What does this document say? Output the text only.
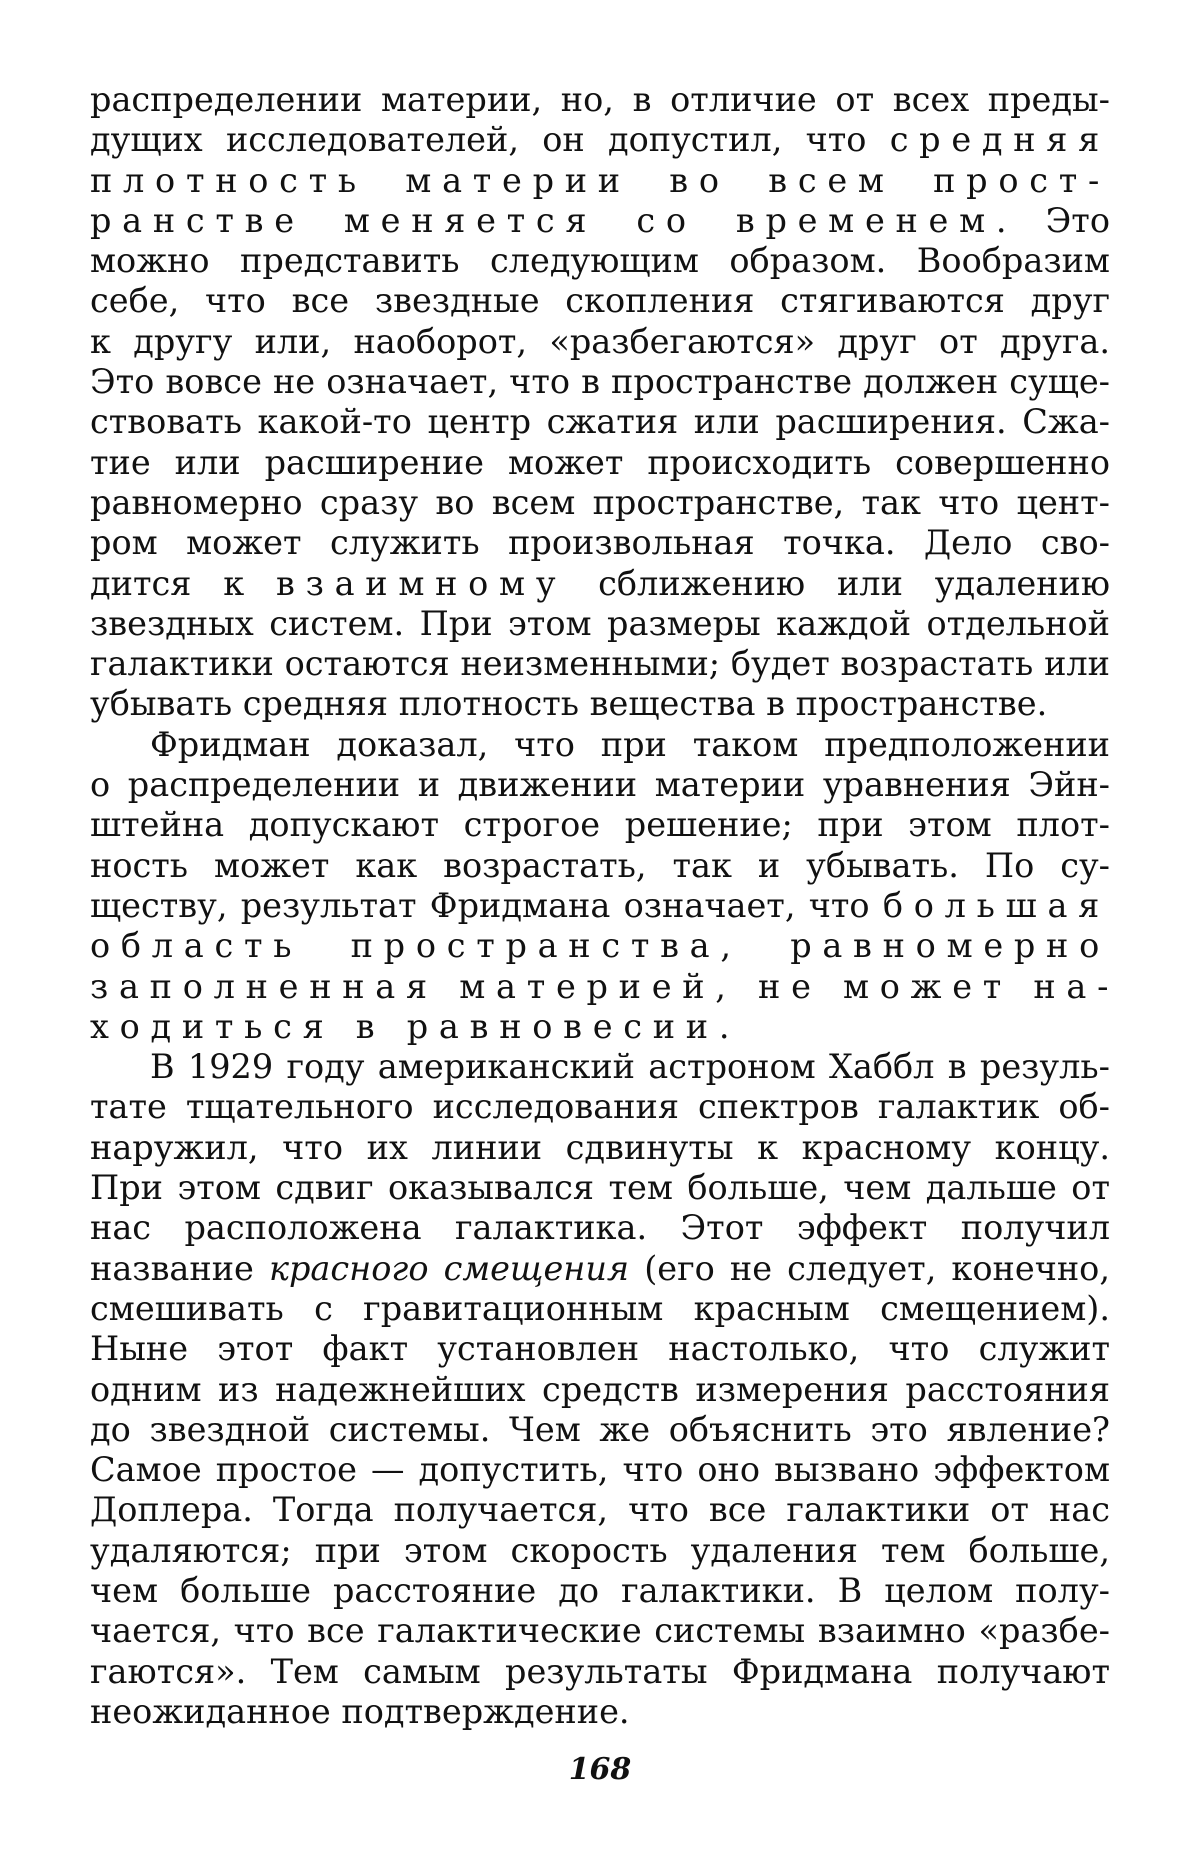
распределении материи, но, в отличие от всех преды-
дущих исследователей, он допустил, что средняя
плотность материи во всем прост-
ранстве меняется со временем. Это
можно представить следующим образом. Вообразим
себе, что все звездные скопления стягиваются друг
к другу или, наоборот, «разбегаются» друг от друга.
Это вовсе не означает, что в пространстве должен суще-
ствовать какой-то центр сжатия или расширения. Сжа-
тие или расширение может происходить совершенно
равномерно сразу во всем пространстве, так что цент-
ром может служить произвольная точка. Дело сво-
дится к взаимному сближению или удалению
звездных систем. При этом размеры каждой отдельной
галактики остаются неизменными; будет возрастать или
убывать средняя плотность вещества в пространстве.

Фридман доказал, что при таком предположении
о распределении и движении материи уравнения Эйн-
штейна допускают строгое решение; при этом плот-
ность может как возрастать, так и убывать. По су-
ществу, результат Фридмана означает, что большая
область пространства, равномерно
заполненная материей, не может на-
ходиться в равновесии.

В 1929 году американский астроном Хаббл в резуль-
тате тщательного исследования спектров галактик об-
наружил, что их линии сдвинуты к красному концу.
При этом сдвиг оказывался тем больше, чем дальше от
нас расположена галактика. Этот эффект получил
название красного смещения (его не следует, конечно,
смешивать с гравитационным красным смещением).
Ныне этот факт установлен настолько, что служит
одним из надежнейших средств измерения расстояния
до звездной системы. Чем же объяснить это явление?
Самое простое — допустить, что оно вызвано эффектом
Доплера. Тогда получается, что все галактики от нас
удаляются; при этом скорость удаления тем больше,
чем больше расстояние до галактики. В целом полу-
чается, что все галактические системы взаимно «разбе-
гаются». Тем самым результаты Фридмана получают
неожиданное подтверждение.

168
